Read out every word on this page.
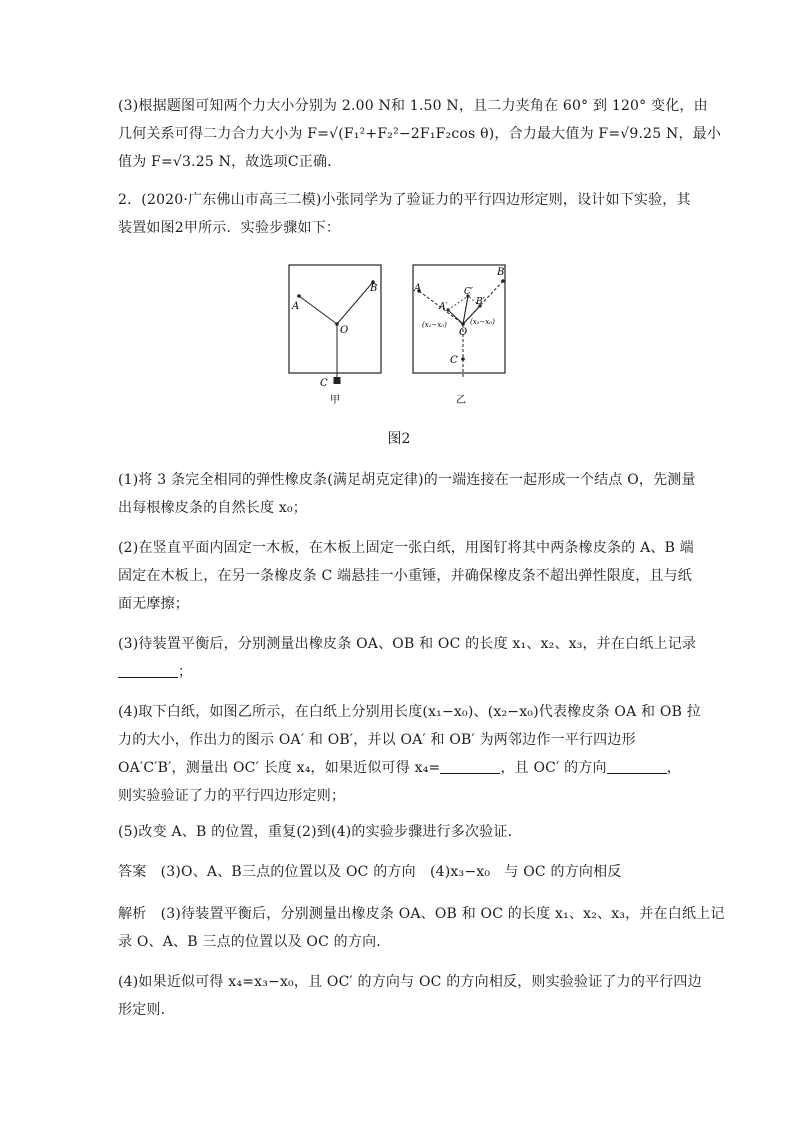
(3)根据题图可知两个力大小分别为 2.00 N和 1.50 N，且二力夹角在 60° 到 120° 变化，由
几何关系可得二力合力大小为 F=√(F₁²+F₂²−2F₁F₂cos θ)，合力最大值为 F=√9.25 N，最小
值为 F=√3.25 N，故选项C正确．
2．(2020·广东佛山市高三二模)小张同学为了验证力的平行四边形定则，设计如下实验，其
装置如图2甲所示．实验步骤如下：
A
B
O
C
甲
A
B
A′	B′
C′
O
C
(x₁−x₀)	(x₂−x₀)
乙
图2
(1)将 3 条完全相同的弹性橡皮条(满足胡克定律)的一端连接在一起形成一个结点 O，先测量
出每根橡皮条的自然长度 x₀；
(2)在竖直平面内固定一木板，在木板上固定一张白纸，用图钉将其中两条橡皮条的 A、B 端
固定在木板上，在另一条橡皮条 C 端悬挂一小重锤，并确保橡皮条不超出弹性限度，且与纸
面无摩擦；
(3)待装置平衡后，分别测量出橡皮条 OA、OB 和 OC 的长度 x₁、x₂、x₃，并在白纸上记录
；
(4)取下白纸，如图乙所示，在白纸上分别用长度(x₁−x₀)、(x₂−x₀)代表橡皮条 OA 和 OB 拉
力的大小，作出力的图示 OA′ 和 OB′，并以 OA′ 和 OB′ 为两邻边作一平行四边形
OA′C′B′，测量出 OC′ 长度 x₄，如果近似可得 x₄=	，且 OC′ 的方向	，
则实验验证了力的平行四边形定则；
(5)改变 A、B 的位置，重复(2)到(4)的实验步骤进行多次验证．
答案　 (3)O、A、B三点的位置以及 OC 的方向　(4)x₃−x₀　与 OC 的方向相反
解析　 (3)待装置平衡后，分别测量出橡皮条 OA、OB 和 OC 的长度 x₁、x₂、x₃，并在白纸上记
录 O、A、B 三点的位置以及 OC 的方向．
(4)如果近似可得 x₄=x₃−x₀，且 OC′ 的方向与 OC 的方向相反，则实验验证了力的平行四边
形定则．
